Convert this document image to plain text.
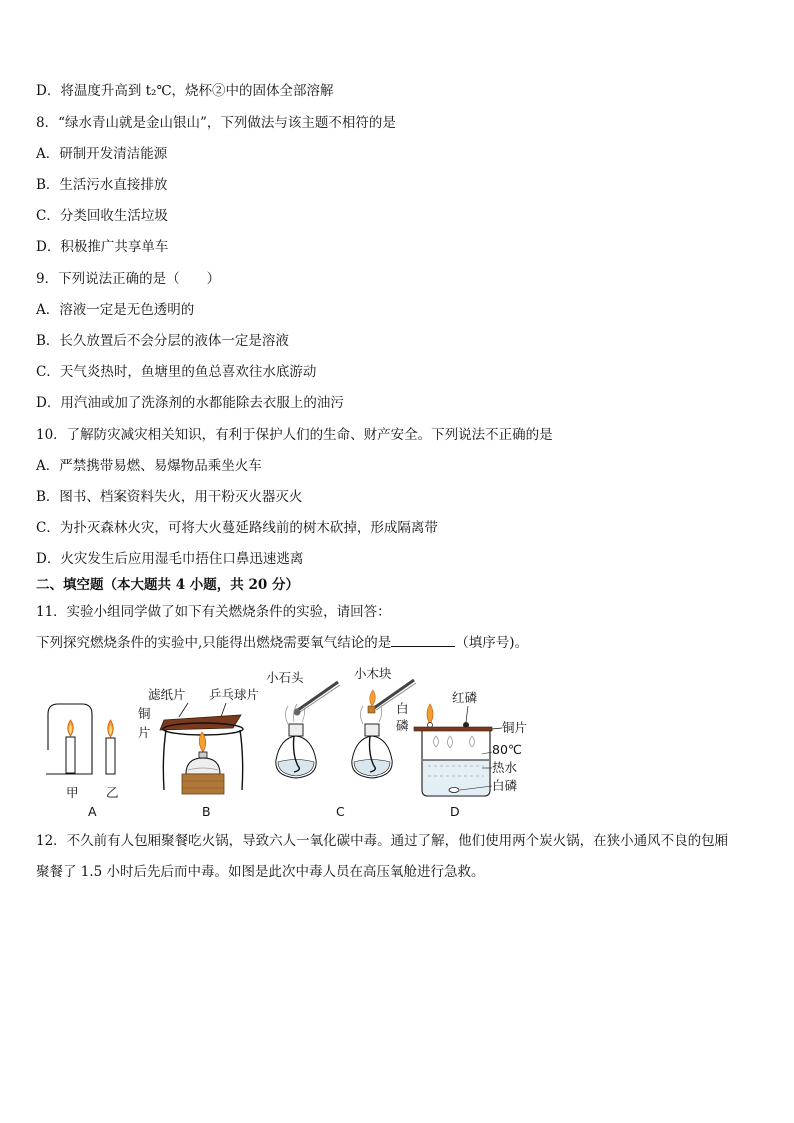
D．将温度升高到 t₂℃，烧杯②中的固体全部溶解
8．“绿水青山就是金山银山”，下列做法与该主题不相符的是
A．研制开发清洁能源
B．生活污水直接排放
C．分类回收生活垃圾
D．积极推广共享单车
9．下列说法正确的是（　　）
A．溶液一定是无色透明的
B．长久放置后不会分层的液体一定是溶液
C．天气炎热时，鱼塘里的鱼总喜欢往水底游动
D．用汽油或加了洗涤剂的水都能除去衣服上的油污
10．了解防灾减灾相关知识，有利于保护人们的生命、财产安全。下列说法不正确的是
A．严禁携带易燃、易爆物品乘坐火车
B．图书、档案资料失火，用干粉灭火器灭火
C．为扑灭森林火灾，可将大火蔓延路线前的树木砍掉，形成隔离带
D．火灾发生后应用湿毛巾捂住口鼻迅速逃离
二、填空题（本大题共 4 小题，共 20 分）
11．实验小组同学做了如下有关燃烧条件的实验，请回答：
下列探究燃烧条件的实验中,只能得出燃烧需要氧气结论的是	（填序号)。
甲 乙
A
滤纸片 乒乓球片
铜
片
B
小石头	小木块
白
磷
C
红磷
铜片
80℃
热水
白磷
D
12．不久前有人包厢聚餐吃火锅，导致六人一氧化碳中毒。通过了解，他们使用两个炭火锅，在狭小通风不良的包厢
聚餐了 1.5 小时后先后而中毒。如图是此次中毒人员在高压氧舱进行急救。
